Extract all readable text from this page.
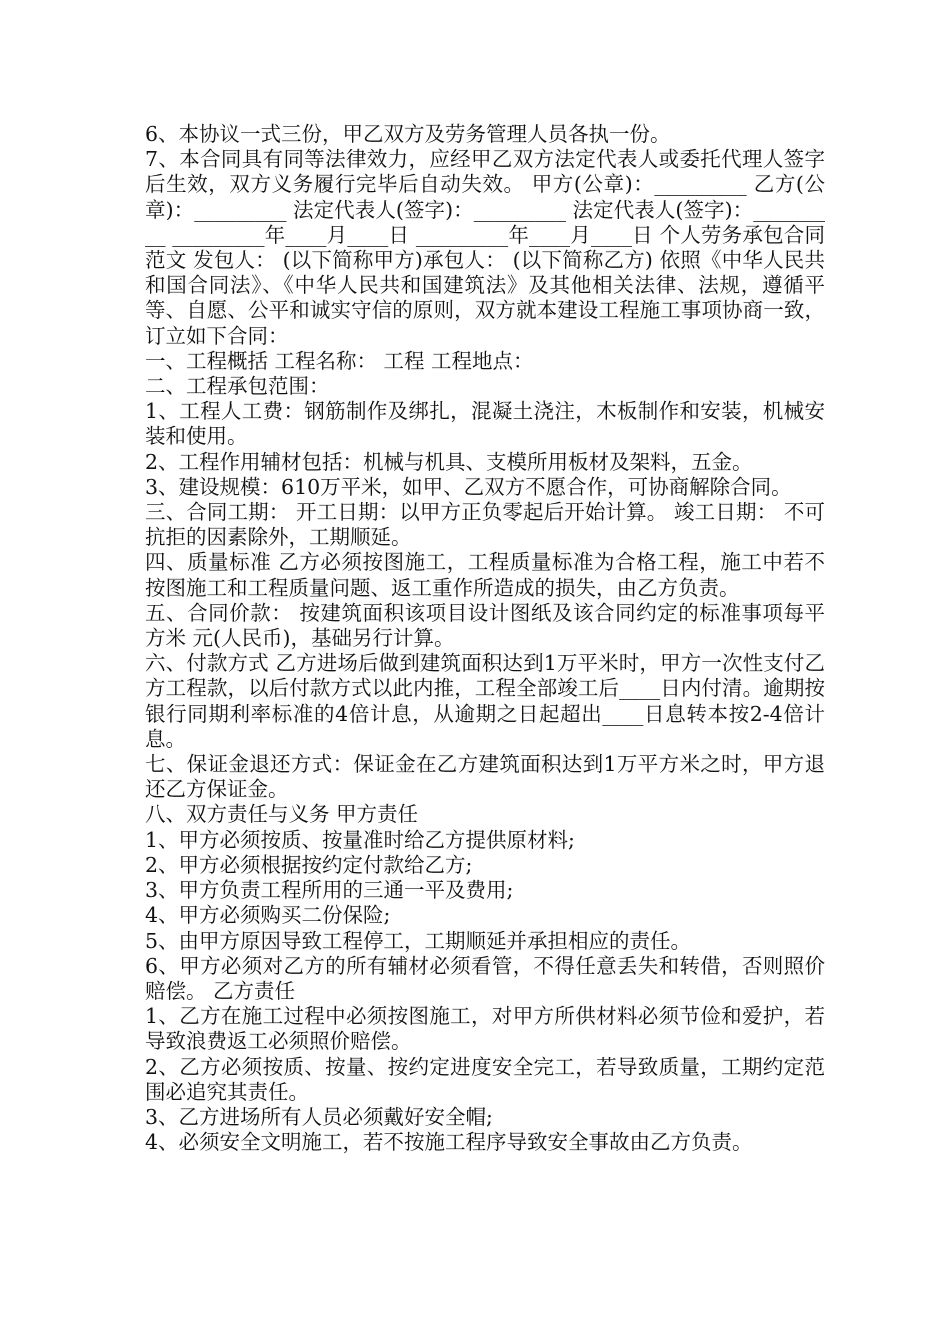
6、本协议一式三份，甲乙双方及劳务管理人员各执一份。

7、本合同具有同等法律效力，应经甲乙双方法定代表人或委托代理人签字后生效，双方义务履行完毕后自动失效。 甲方(公章)：_________ 乙方(公章)：_________ 法定代表人(签字)：_________ 法定代表人(签字)：_________ _________年____月____日 _________年____月____日 个人劳务承包合同范文 发包人： (以下简称甲方)承包人： (以下简称乙方) 依照《中华人民共和国合同法》、《中华人民共和国建筑法》及其他相关法律、法规，遵循平等、自愿、公平和诚实守信的原则，双方就本建设工程施工事项协商一致，订立如下合同：

一、工程概括 工程名称： 工程 工程地点：

二、工程承包范围：

1、工程人工费：钢筋制作及绑扎，混凝土浇注，木板制作和安装，机械安装和使用。

2、工程作用辅材包括：机械与机具、支模所用板材及架料，五金。

3、建设规模：610万平米，如甲、乙双方不愿合作，可协商解除合同。

三、合同工期： 开工日期：以甲方正负零起后开始计算。 竣工日期： 不可抗拒的因素除外，工期顺延。

四、质量标准 乙方必须按图施工，工程质量标准为合格工程，施工中若不按图施工和工程质量问题、返工重作所造成的损失，由乙方负责。

五、合同价款： 按建筑面积该项目设计图纸及该合同约定的标准事项每平方米 元(人民币)，基础另行计算。

六、付款方式 乙方进场后做到建筑面积达到1万平米时，甲方一次性支付乙方工程款，以后付款方式以此内推，工程全部竣工后____日内付清。逾期按银行同期利率标准的4倍计息，从逾期之日起超出____日息转本按2-4倍计息。

七、保证金退还方式：保证金在乙方建筑面积达到1万平方米之时，甲方退还乙方保证金。

八、双方责任与义务 甲方责任

1、甲方必须按质、按量准时给乙方提供原材料;

2、甲方必须根据按约定付款给乙方;

3、甲方负责工程所用的三通一平及费用;

4、甲方必须购买二份保险;

5、由甲方原因导致工程停工，工期顺延并承担相应的责任。

6、甲方必须对乙方的所有辅材必须看管，不得任意丢失和转借，否则照价赔偿。 乙方责任

1、乙方在施工过程中必须按图施工，对甲方所供材料必须节俭和爱护，若导致浪费返工必须照价赔偿。

2、乙方必须按质、按量、按约定进度安全完工，若导致质量，工期约定范围必追究其责任。

3、乙方进场所有人员必须戴好安全帽;

4、必须安全文明施工，若不按施工程序导致安全事故由乙方负责。
